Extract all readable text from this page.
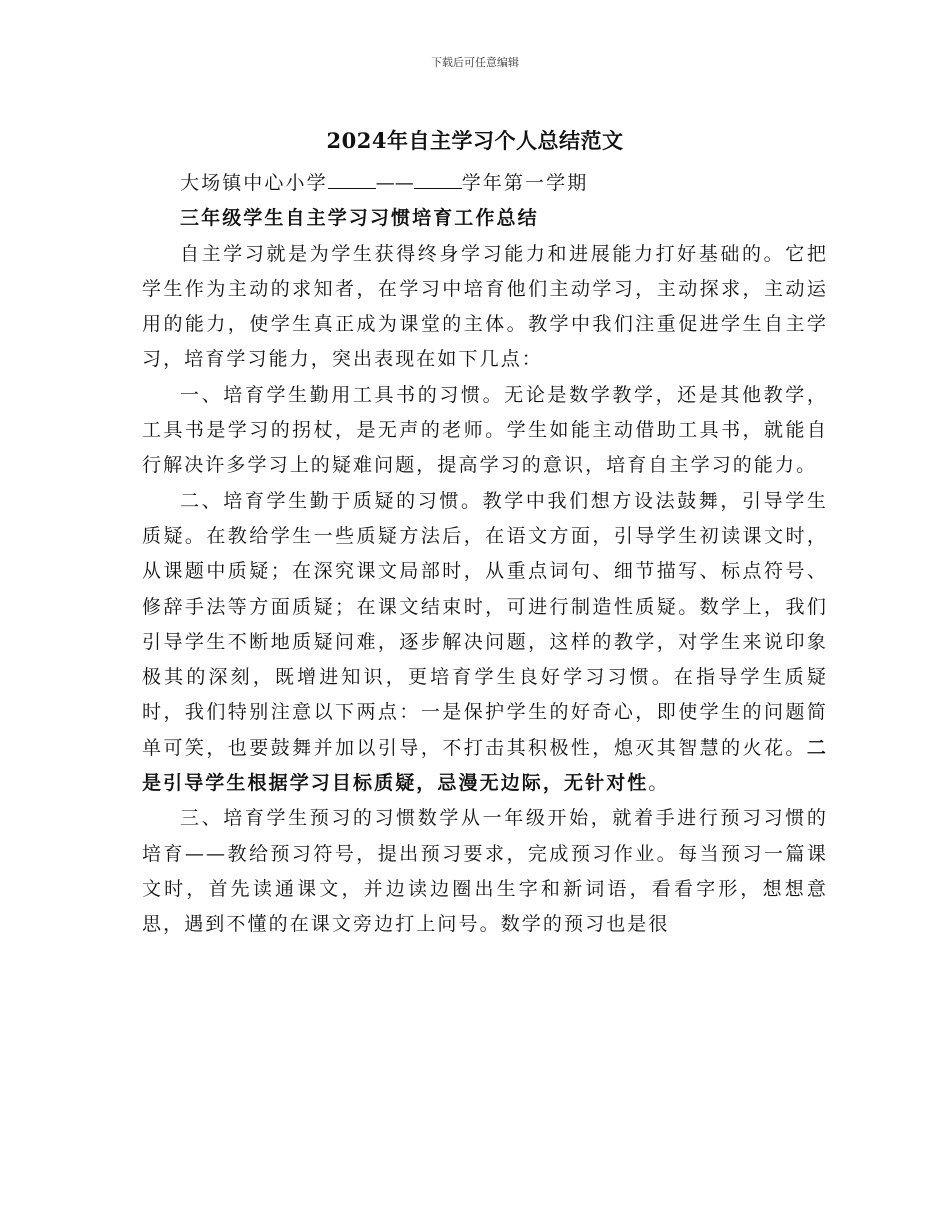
下载后可任意编辑
2024年自主学习个人总结范文

大场镇中心小学	——	学年第一学期

三年级学生自主学习习惯培育工作总结

自主学习就是为学生获得终身学习能力和进展能力打好基础的。它把学生作为主动的求知者，在学习中培育他们主动学习，主动探求，主动运用的能力，使学生真正成为课堂的主体。教学中我们注重促进学生自主学习，培育学习能力，突出表现在如下几点：

一、培育学生勤用工具书的习惯。无论是数学教学，还是其他教学，工具书是学习的拐杖，是无声的老师。学生如能主动借助工具书，就能自行解决许多学习上的疑难问题，提高学习的意识，培育自主学习的能力。

二、培育学生勤于质疑的习惯。教学中我们想方设法鼓舞，引导学生质疑。在教给学生一些质疑方法后，在语文方面，引导学生初读课文时，从课题中质疑；在深究课文局部时，从重点词句、细节描写、标点符号、修辞手法等方面质疑；在课文结束时，可进行制造性质疑。数学上，我们引导学生不断地质疑问难，逐步解决问题，这样的教学，对学生来说印象极其的深刻，既增进知识，更培育学生良好学习习惯。在指导学生质疑时，我们特别注意以下两点：一是保护学生的好奇心，即使学生的问题简单可笑，也要鼓舞并加以引导，不打击其积极性，熄灭其智慧的火花。二是引导学生根据学习目标质疑，忌漫无边际，无针对性。

三、培育学生预习的习惯数学从一年级开始，就着手进行预习习惯的培育——教给预习符号，提出预习要求，完成预习作业。每当预习一篇课文时，首先读通课文，并边读边圈出生字和新词语，看看字形，想想意思，遇到不懂的在课文旁边打上问号。数学的预习也是很
